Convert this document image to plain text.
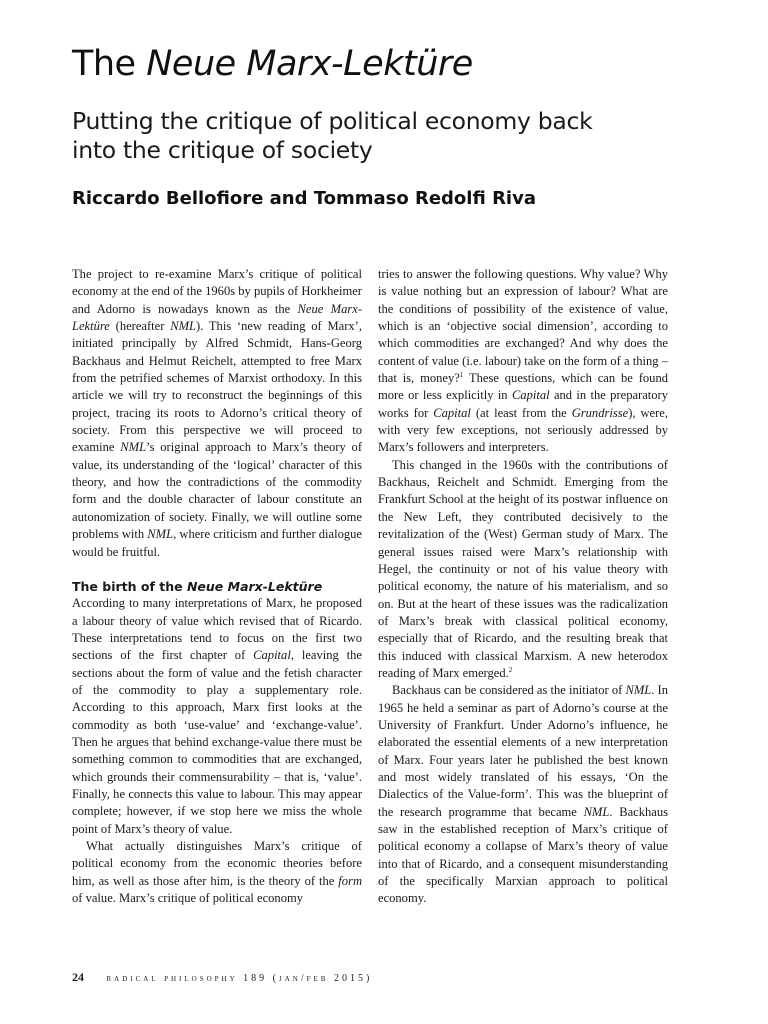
The Neue Marx-Lektüre
Putting the critique of political economy back into the critique of society
Riccardo Bellofiore and Tommaso Redolfi Riva

The project to re-examine Marx’s critique of political economy at the end of the 1960s by pupils of Horkheimer and Adorno is nowadays known as the Neue Marx-Lektüre (hereafter NML). This ‘new reading of Marx’, initiated principally by Alfred Schmidt, Hans-Georg Backhaus and Helmut Reichelt, attempted to free Marx from the petrified schemes of Marxist orthodoxy. In this article we will try to reconstruct the beginnings of this project, tracing its roots to Adorno’s critical theory of society. From this perspective we will proceed to examine NML’s original approach to Marx’s theory of value, its understanding of the ‘logical’ character of this theory, and how the contradictions of the commodity form and the double character of labour constitute an autonomization of society. Finally, we will outline some problems with NML, where criticism and further dialogue would be fruitful.

The birth of the Neue Marx-Lektüre

According to many interpretations of Marx, he proposed a labour theory of value which revised that of Ricardo. These interpretations tend to focus on the first two sections of the first chapter of Capital, leaving the sections about the form of value and the fetish character of the commodity to play a supplementary role. According to this approach, Marx first looks at the commodity as both ‘use-value’ and ‘exchange-value’. Then he argues that behind exchange-value there must be something common to commodities that are exchanged, which grounds their commensurability – that is, ‘value’. Finally, he connects this value to labour. This may appear complete; however, if we stop here we miss the whole point of Marx’s theory of value.

What actually distinguishes Marx’s critique of political economy from the economic theories before him, as well as those after him, is the theory of the form of value. Marx’s critique of political economy

tries to answer the following questions. Why value? Why is value nothing but an expression of labour? What are the conditions of possibility of the existence of value, which is an ‘objective social dimension’, according to which commodities are exchanged? And why does the content of value (i.e. labour) take on the form of a thing – that is, money?$^1$ These questions, which can be found more or less explicitly in Capital and in the preparatory works for Capital (at least from the Grundrisse), were, with very few exceptions, not seriously addressed by Marx’s followers and interpreters.

This changed in the 1960s with the contributions of Backhaus, Reichelt and Schmidt. Emerging from the Frankfurt School at the height of its postwar influence on the New Left, they contributed decisively to the revitalization of the (West) German study of Marx. The general issues raised were Marx’s relationship with Hegel, the continuity or not of his value theory with political economy, the nature of his materialism, and so on. But at the heart of these issues was the radicalization of Marx’s break with classical political economy, especially that of Ricardo, and the resulting break that this induced with classical Marxism. A new heterodox reading of Marx emerged.$^2$

Backhaus can be considered as the initiator of NML. In 1965 he held a seminar as part of Adorno’s course at the University of Frankfurt. Under Adorno’s influence, he elaborated the essential elements of a new interpretation of Marx. Four years later he published the best known and most widely translated of his essays, ‘On the Dialectics of the Value-form’. This was the blueprint of the research programme that became NML. Backhaus saw in the established reception of Marx’s critique of political economy a collapse of Marx’s theory of value into that of Ricardo, and a consequent misunderstanding of the specifically Marxian approach to political economy.

24 radical philosophy 189 (jan/feb 2015)
